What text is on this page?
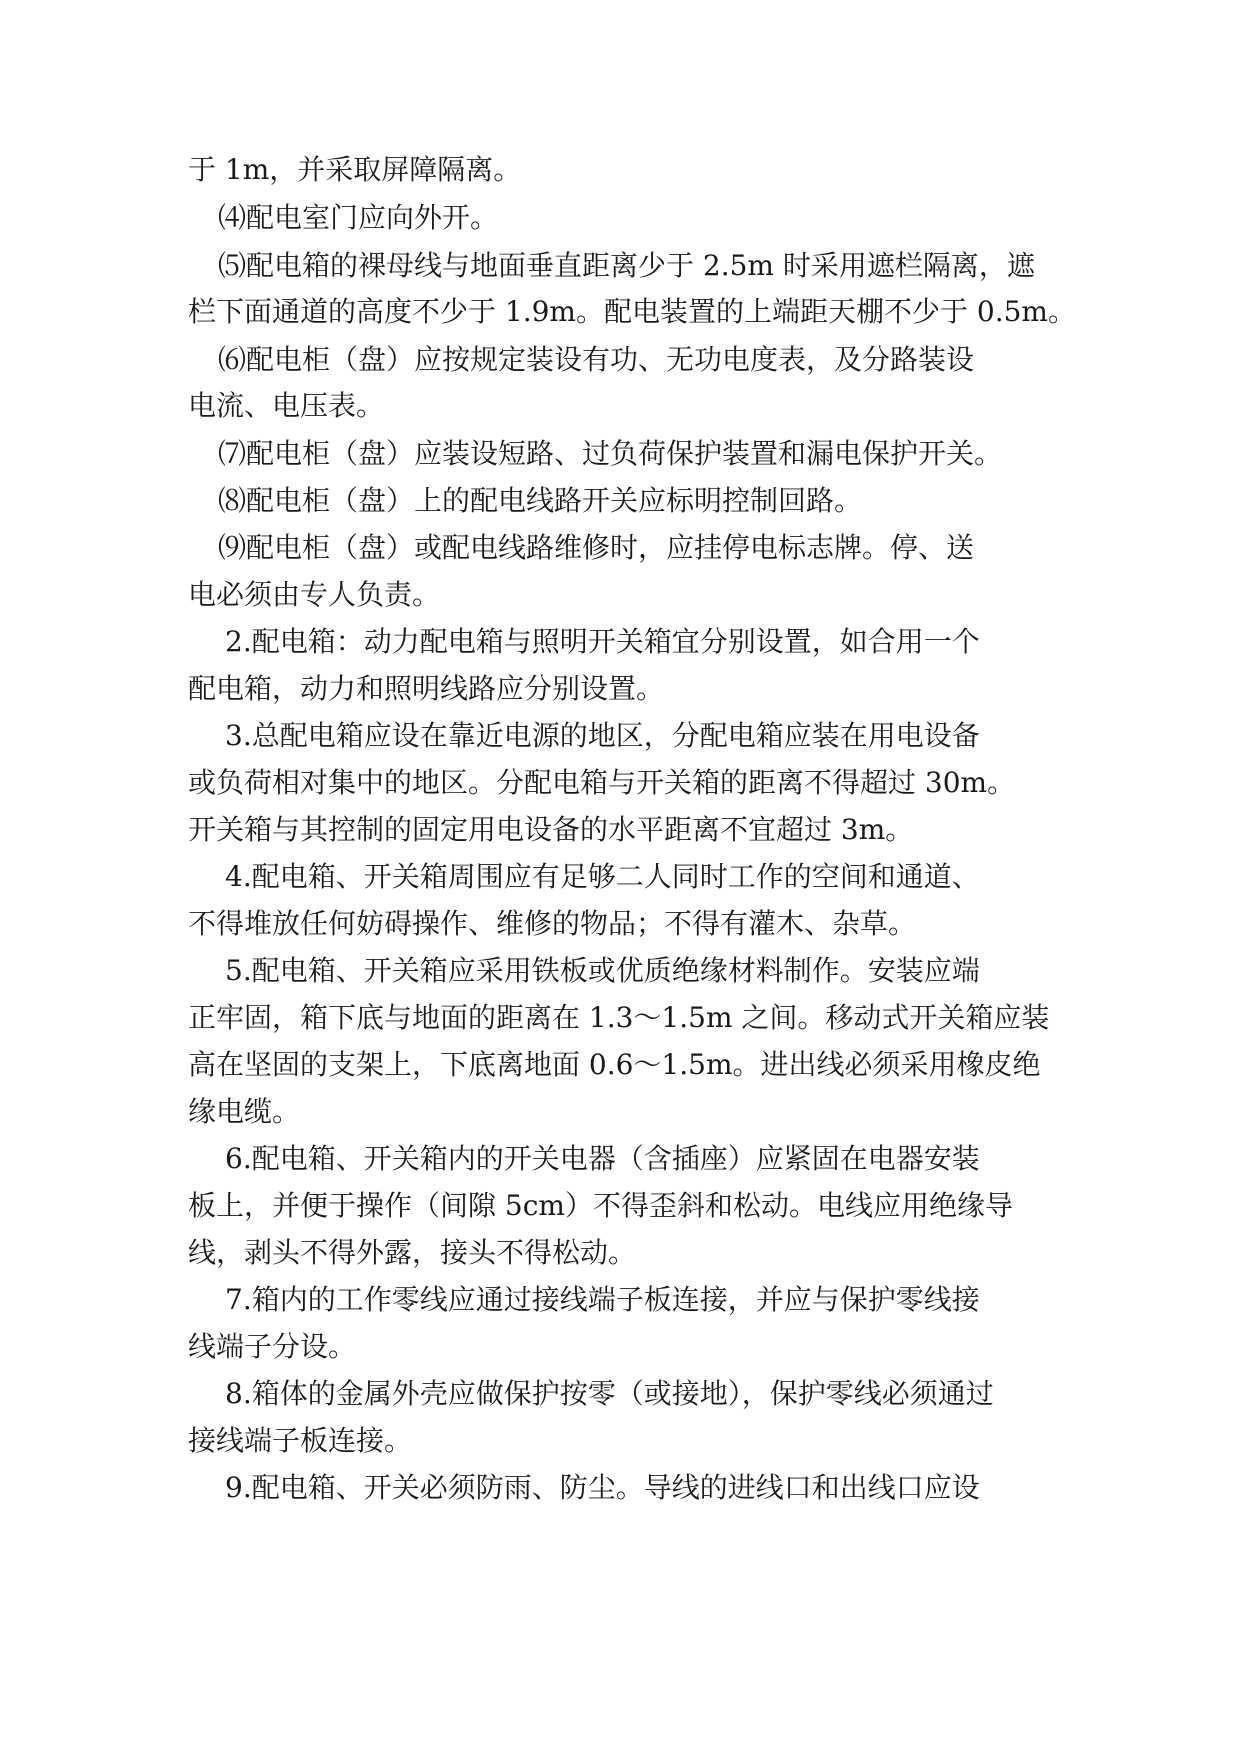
于 1m，并采取屏障隔离。
⑷配电室门应向外开。
⑸配电箱的裸母线与地面垂直距离少于 2.5m 时采用遮栏隔离，遮
栏下面通道的高度不少于 1.9m。配电装置的上端距天棚不少于 0.5m。
⑹配电柜（盘）应按规定装设有功、无功电度表，及分路装设
电流、电压表。
⑺配电柜（盘）应装设短路、过负荷保护装置和漏电保护开关。
⑻配电柜（盘）上的配电线路开关应标明控制回路。
⑼配电柜（盘）或配电线路维修时，应挂停电标志牌。停、送
电必须由专人负责。
2.配电箱：动力配电箱与照明开关箱宜分别设置，如合用一个
配电箱，动力和照明线路应分别设置。
3.总配电箱应设在靠近电源的地区，分配电箱应装在用电设备
或负荷相对集中的地区。分配电箱与开关箱的距离不得超过 30m。
开关箱与其控制的固定用电设备的水平距离不宜超过 3m。
4.配电箱、开关箱周围应有足够二人同时工作的空间和通道、
不得堆放任何妨碍操作、维修的物品；不得有灌木、杂草。
5.配电箱、开关箱应采用铁板或优质绝缘材料制作。安装应端
正牢固，箱下底与地面的距离在 1.3～1.5m 之间。移动式开关箱应装
高在坚固的支架上，下底离地面 0.6～1.5m。进出线必须采用橡皮绝
缘电缆。
6.配电箱、开关箱内的开关电器（含插座）应紧固在电器安装
板上，并便于操作（间隙 5cm）不得歪斜和松动。电线应用绝缘导
线，剥头不得外露，接头不得松动。
7.箱内的工作零线应通过接线端子板连接，并应与保护零线接
线端子分设。
8.箱体的金属外壳应做保护按零（或接地），保护零线必须通过
接线端子板连接。
9.配电箱、开关必须防雨、防尘。导线的进线口和出线口应设
